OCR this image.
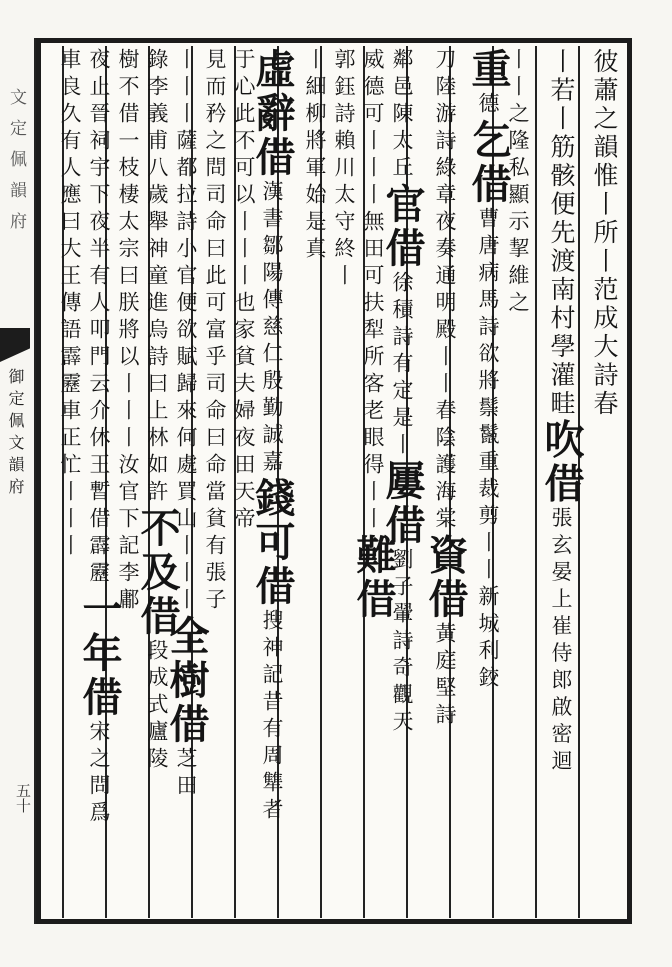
文定佩韻府
御定佩文韻府
五十
彼蕭之韻惟丨所丨范成大詩春
丨若丨筋骸便先渡南村學灌畦吹借張玄晏上崔侍郎啟密迴
丨丨之隆私顯示挈維之
重德乞借曹唐病馬詩欲將鬃鬣重裁剪丨丨新城利鉸
刀陸游詩綠章夜奏通明殿丨丨春陰護海棠資借黃庭堅詩
鄰邑陳太丘官借徐積詩有定是丨屢借劉子翬詩奇觀天
威德可丨丨丨無田可扶犁所客老眼得丨丨難借
郭鈺詩賴川太守終丨
丨細柳將軍始是真
虛辭借漢書鄒陽傳慈仁殷勤誠嘉錢可借搜神記昔有周犨者
于心此不可以丨丨丨也家貧夫婦夜田天帝
見而矜之問司命曰此可富乎司命曰命當貧有張子
丨丨丨薩都拉詩小官便欲賦歸來何處買山丨丨丨全樹借芝田
錄李義甫八歲舉神童進烏詩曰上林如許不及借段成式廬陵
樹不借一枝棲太宗曰朕將以丨丨丨汝官下記李鄘
夜止晉祠宇下夜半有人叩門云介休王暫借霹靂一年借宋之問爲
車良久有人應曰大王傳語霹靂車正忙丨丨丨
